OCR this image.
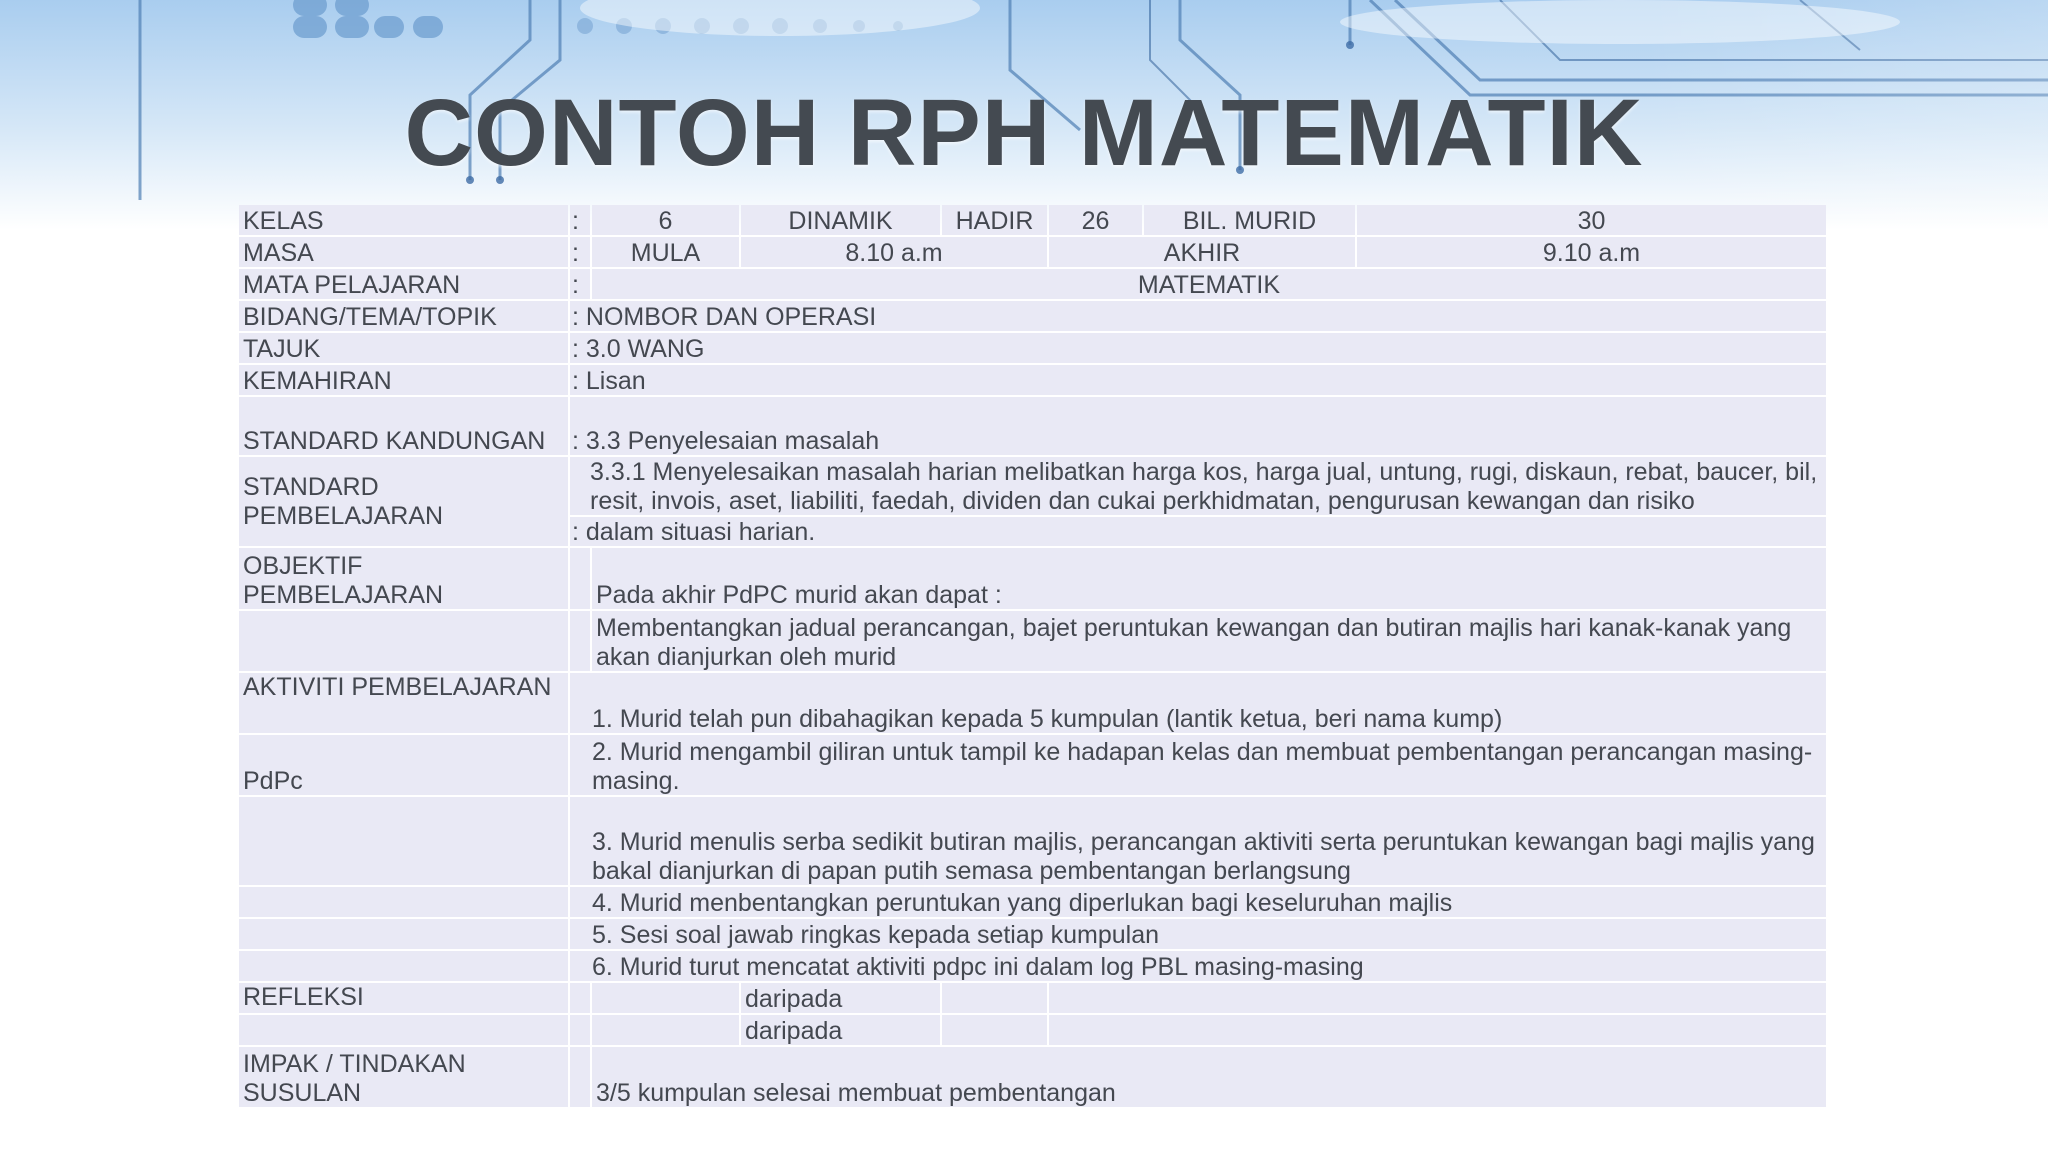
CONTOH RPH MATEMATIK
KELAS	:	6	DINAMIK	HADIR	26	BIL. MURID	30
MASA	:	MULA	8.10 a.m		AKHIR		9.10 a.m
MATA PELAJARAN	:	MATEMATIK					
BIDANG/TEMA/TOPIK	: NOMBOR DAN OPERASI						
TAJUK	: 3.0 WANG						
KEMAHIRAN	: Lisan						
STANDARD KANDUNGAN	: 3.3 Penyelesaian masalah						
STANDARD PEMBELAJARAN	3.3.1 Menyelesaikan masalah harian melibatkan harga kos, harga jual, untung, rugi, diskaun, rebat, baucer, bil, resit, invois, aset, liabiliti, faedah, dividen dan cukai perkhidmatan, pengurusan kewangan dan risiko						
	: dalam situasi harian.						
OBJEKTIF PEMBELAJARAN		Pada akhir PdPC murid akan dapat :					
		Membentangkan jadual perancangan, bajet peruntukan kewangan dan butiran majlis hari kanak-kanak yang akan dianjurkan oleh murid					
AKTIVITI PEMBELAJARAN	1. Murid telah pun dibahagikan kepada 5 kumpulan (lantik ketua, beri nama kump)						
PdPc	2. Murid mengambil giliran untuk tampil ke hadapan kelas dan membuat pembentangan perancangan masing-masing.						
	3. Murid menulis serba sedikit butiran majlis, perancangan aktiviti serta peruntukan kewangan bagi majlis yang bakal dianjurkan di papan putih semasa pembentangan berlangsung						
	4. Murid menbentangkan peruntukan yang diperlukan bagi keseluruhan majlis						
	5. Sesi soal jawab ringkas kepada setiap kumpulan						
	6. Murid turut mencatat aktiviti pdpc ini dalam log PBL masing-masing						
REFLEKSI			daripada				
			daripada				
IMPAK / TINDAKAN SUSULAN		3/5 kumpulan selesai membuat pembentangan					
